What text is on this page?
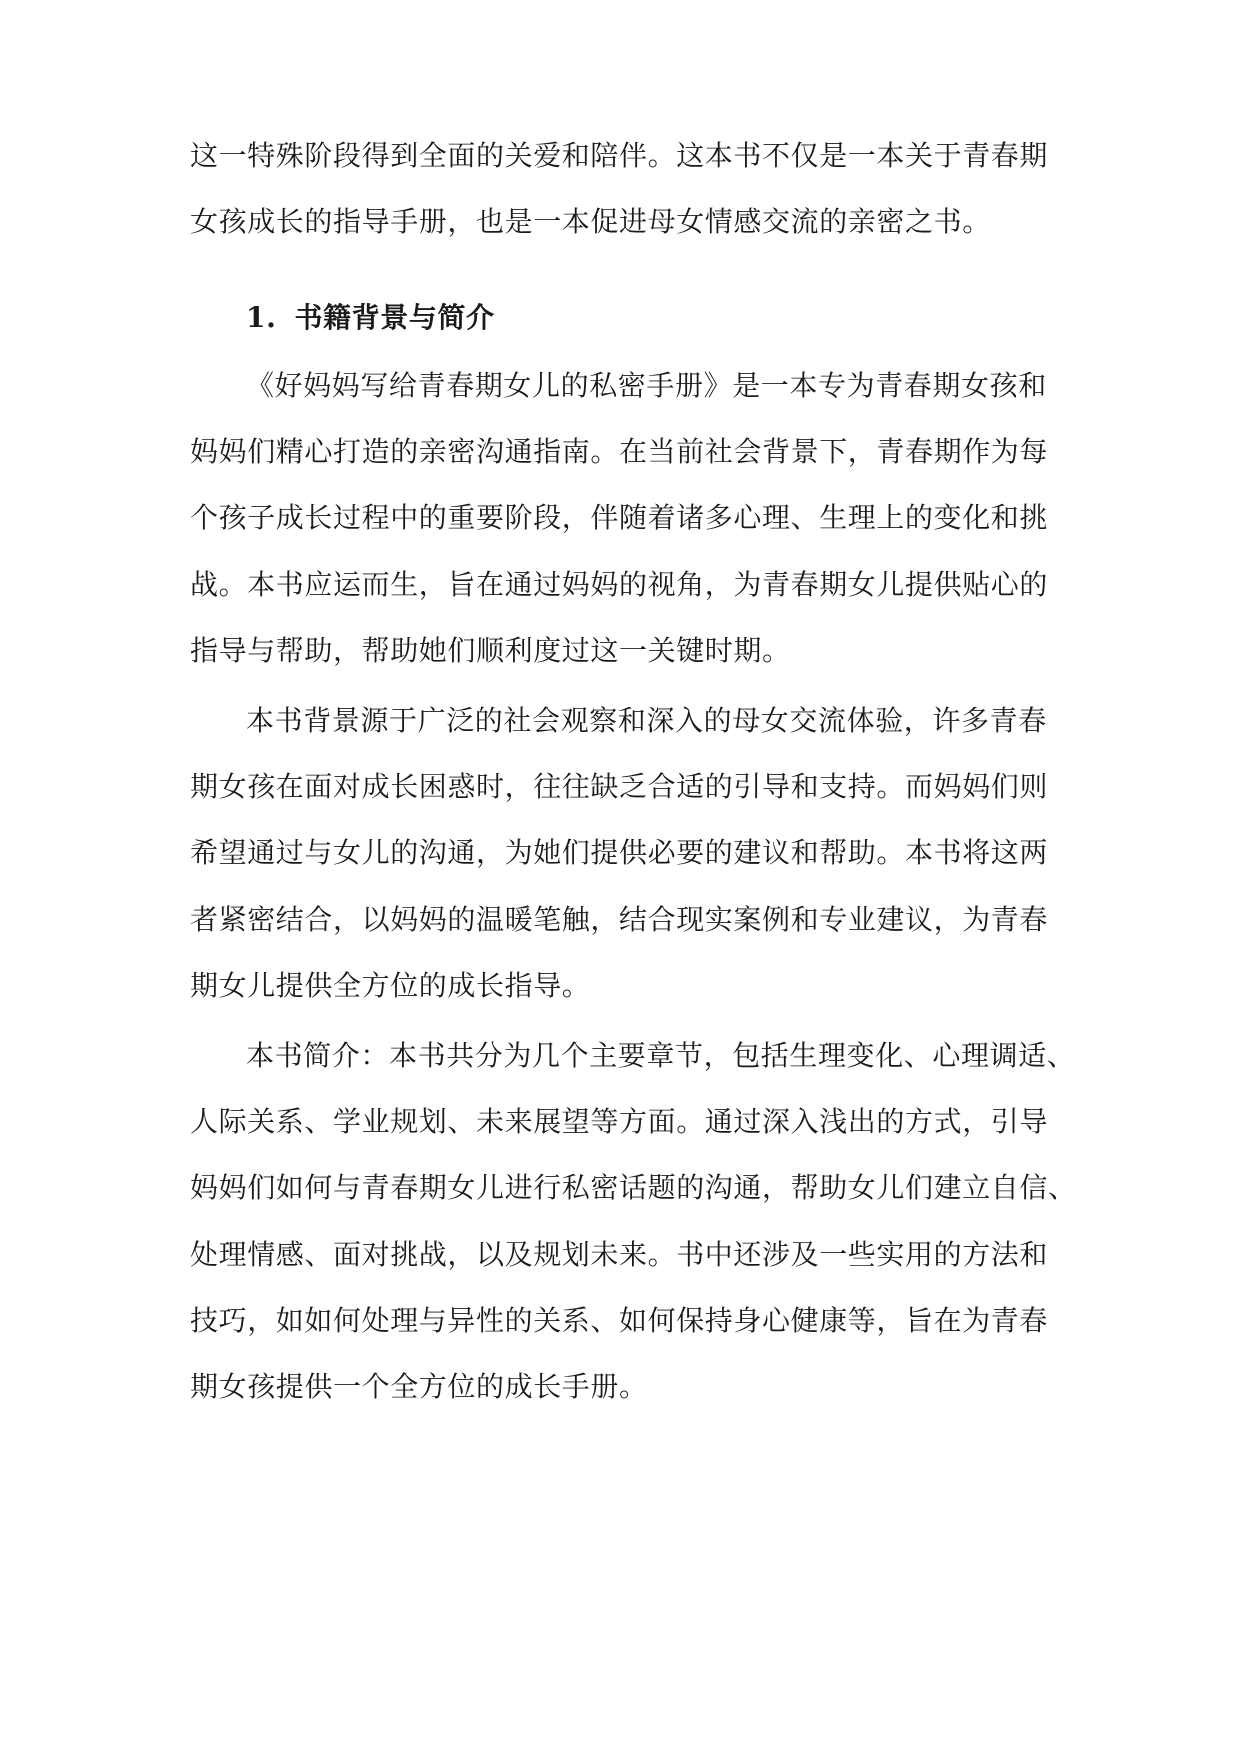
这一特殊阶段得到全面的关爱和陪伴。这本书不仅是一本关于青春期
女孩成长的指导手册，也是一本促进母女情感交流的亲密之书。
1. 书籍背景与简介
《好妈妈写给青春期女儿的私密手册》是一本专为青春期女孩和
妈妈们精心打造的亲密沟通指南。在当前社会背景下，青春期作为每
个孩子成长过程中的重要阶段，伴随着诸多心理、生理上的变化和挑
战。本书应运而生，旨在通过妈妈的视角，为青春期女儿提供贴心的
指导与帮助，帮助她们顺利度过这一关键时期。
本书背景源于广泛的社会观察和深入的母女交流体验，许多青春
期女孩在面对成长困惑时，往往缺乏合适的引导和支持。而妈妈们则
希望通过与女儿的沟通，为她们提供必要的建议和帮助。本书将这两
者紧密结合，以妈妈的温暖笔触，结合现实案例和专业建议，为青春
期女儿提供全方位的成长指导。
本书简介：本书共分为几个主要章节，包括生理变化、心理调适、
人际关系、学业规划、未来展望等方面。通过深入浅出的方式，引导
妈妈们如何与青春期女儿进行私密话题的沟通，帮助女儿们建立自信、
处理情感、面对挑战，以及规划未来。书中还涉及一些实用的方法和
技巧，如如何处理与异性的关系、如何保持身心健康等，旨在为青春
期女孩提供一个全方位的成长手册。
